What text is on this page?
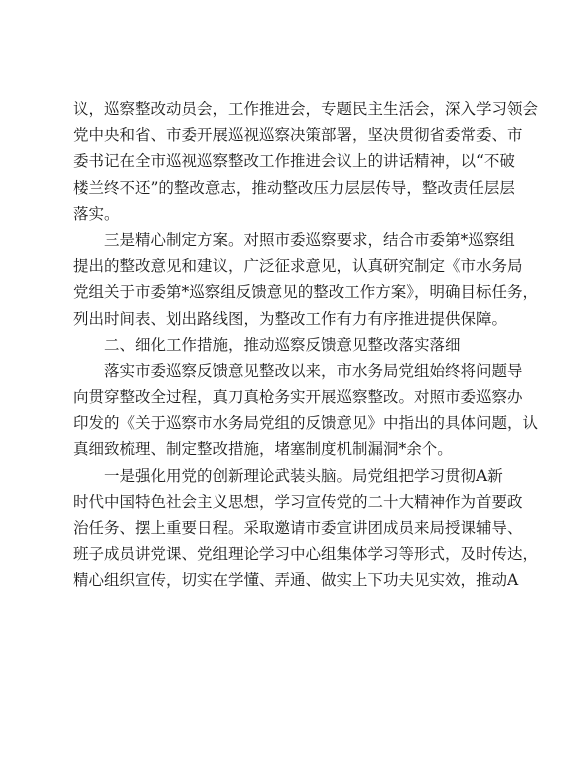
议，巡察整改动员会，工作推进会，专题民主生活会，深入学习领会
党中央和省、市委开展巡视巡察决策部署，坚决贯彻省委常委、市
委书记在全市巡视巡察整改工作推进会议上的讲话精神，以“不破
楼兰终不还”的整改意志，推动整改压力层层传导，整改责任层层
落实。
三是精心制定方案。对照市委巡察要求，结合市委第*巡察组
提出的整改意见和建议，广泛征求意见，认真研究制定《市水务局
党组关于市委第*巡察组反馈意见的整改工作方案》，明确目标任务，
列出时间表、划出路线图，为整改工作有力有序推进提供保障。
二、细化工作措施，推动巡察反馈意见整改落实落细
落实市委巡察反馈意见整改以来，市水务局党组始终将问题导
向贯穿整改全过程，真刀真枪务实开展巡察整改。对照市委巡察办
印发的《关于巡察市水务局党组的反馈意见》中指出的具体问题，认
真细致梳理、制定整改措施，堵塞制度机制漏洞*余个。
一是强化用党的创新理论武装头脑。局党组把学习贯彻A新
时代中国特色社会主义思想，学习宣传党的二十大精神作为首要政
治任务、摆上重要日程。采取邀请市委宣讲团成员来局授课辅导、
班子成员讲党课、党组理论学习中心组集体学习等形式，及时传达，
精心组织宣传，切实在学懂、弄通、做实上下功夫见实效，推动A
